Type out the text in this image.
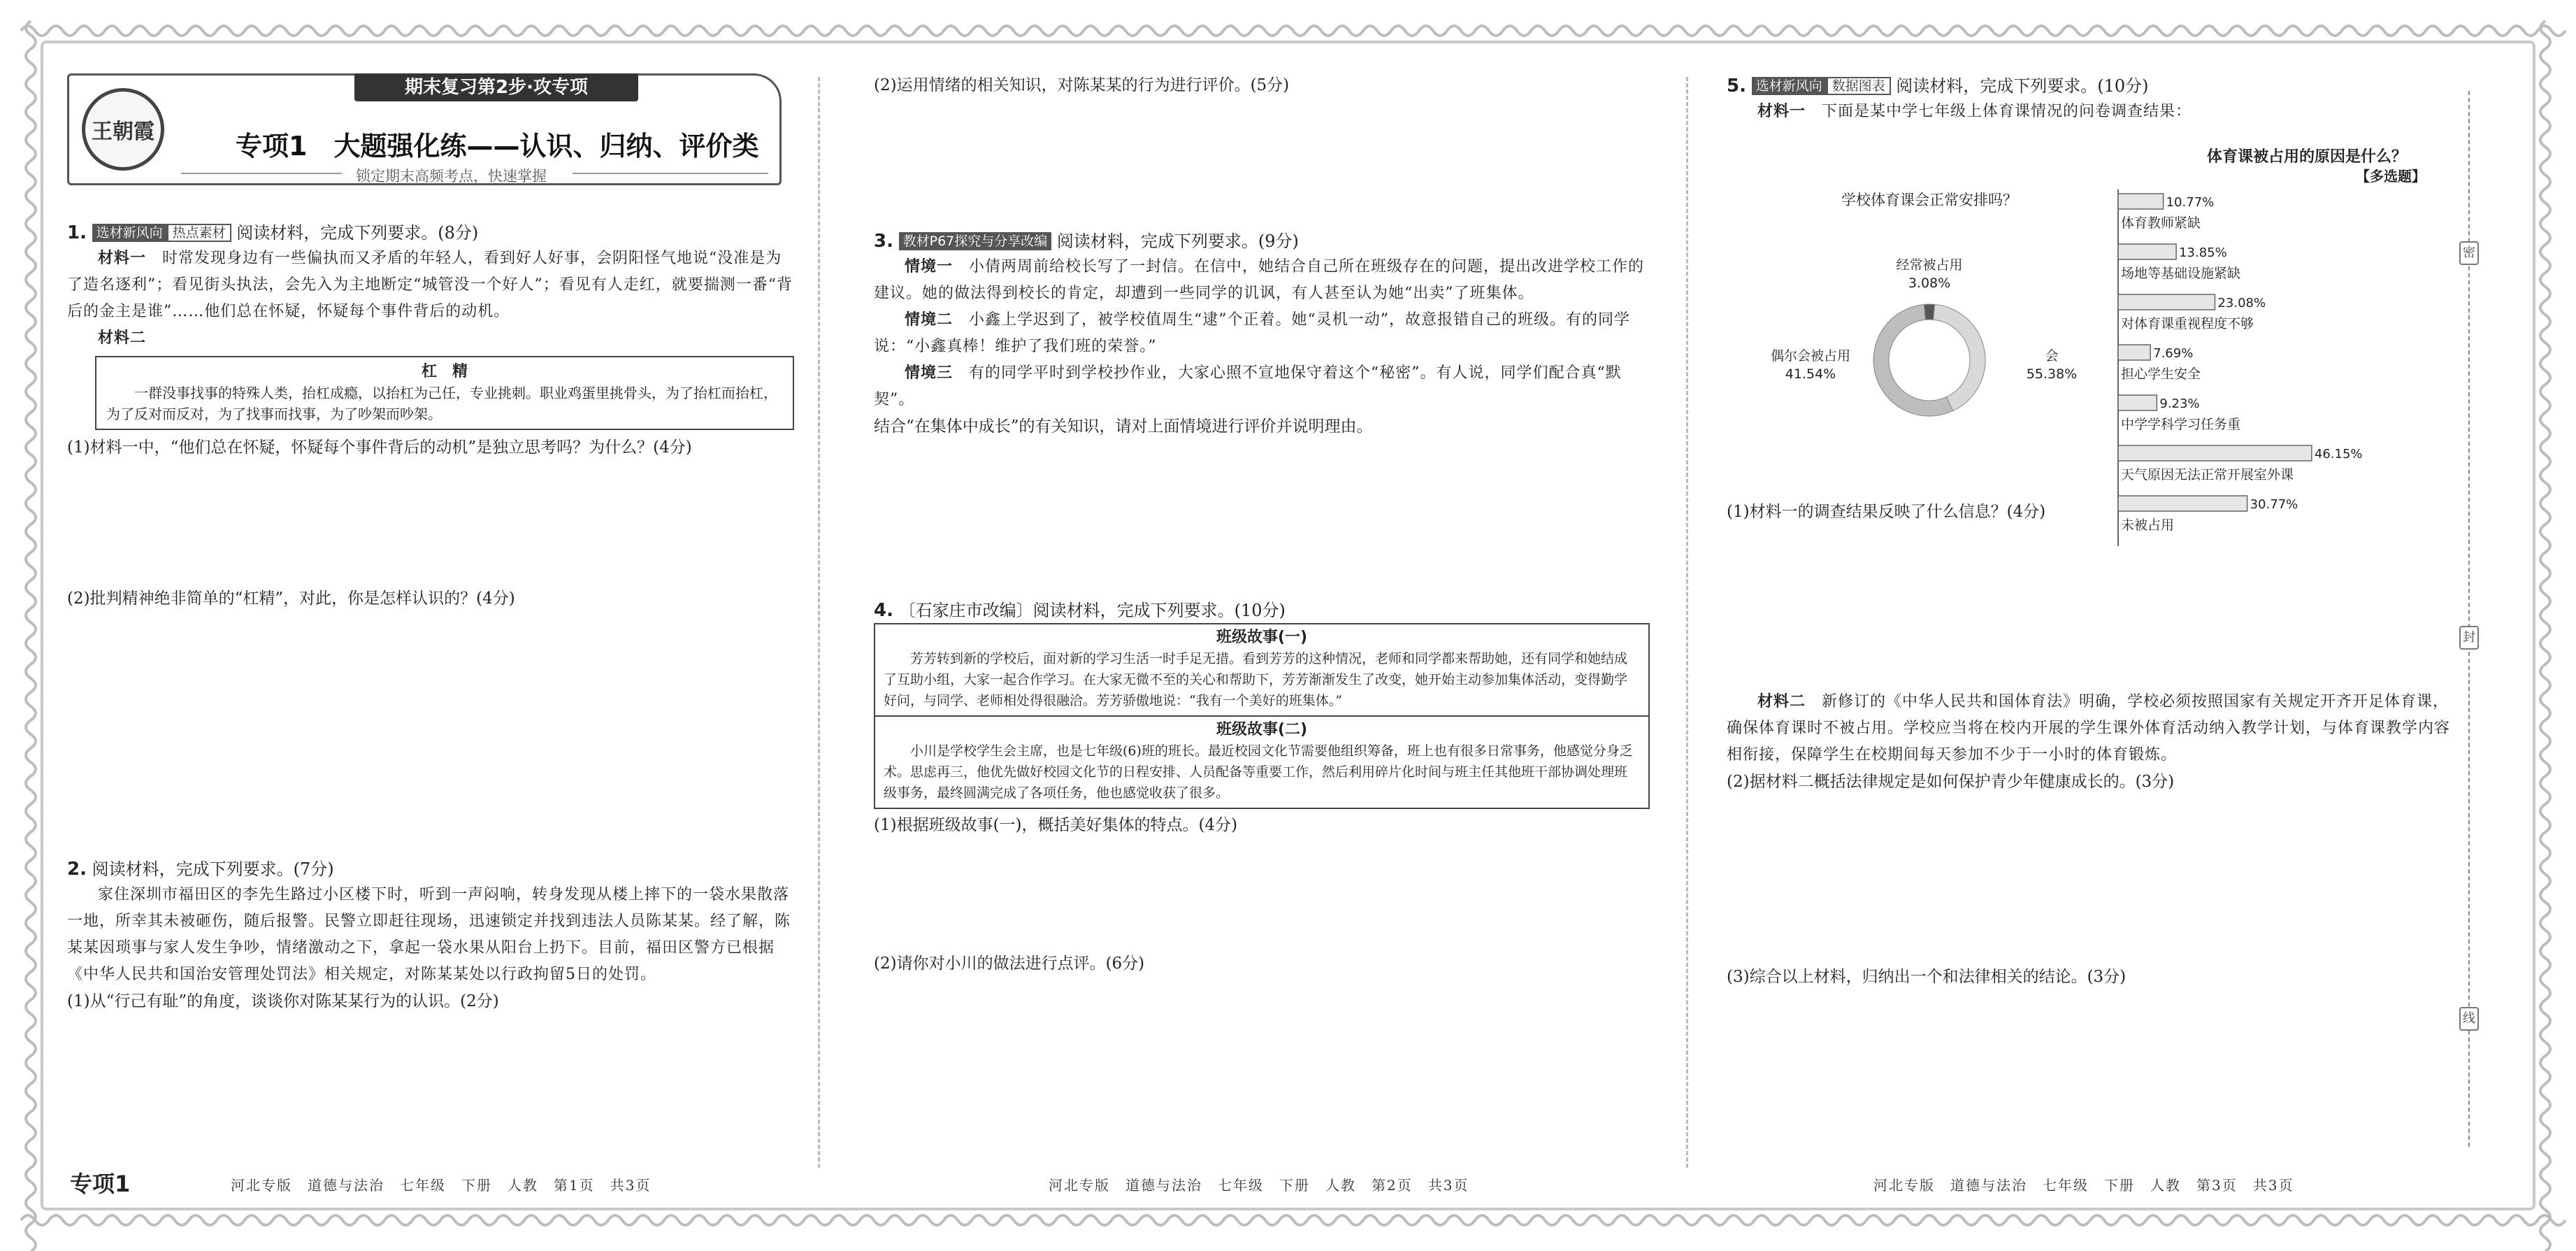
王朝霞
期末复习第2步·攻专项
专项1　大题强化练——认识、归纳、评价类
锁定期末高频考点，快速掌握
1. 选材新风向 热点素材 阅读材料，完成下列要求。(8分)
材料一　 时常发现身边有一些偏执而又矛盾的年轻人，看到好人好事，会阴阳怪气地说“没准是为了造名逐利”；看见街头执法，会先入为主地断定“城管没一个好人”；看见有人走红，就要揣测一番“背后的金主是谁”……他们总在怀疑，怀疑每个事件背后的动机。
材料二
杠　精
一群没事找事的特殊人类，抬杠成瘾，以抬杠为己任，专业挑刺。职业鸡蛋里挑骨头，为了抬杠而抬杠，为了反对而反对，为了找事而找事，为了吵架而吵架。
(1)材料一中，“他们总在怀疑，怀疑每个事件背后的动机”是独立思考吗？为什么？(4分)
(2)批判精神绝非简单的“杠精”，对此，你是怎样认识的？(4分)
2. 阅读材料，完成下列要求。(7分)
家住深圳市福田区的李先生路过小区楼下时，听到一声闷响，转身发现从楼上摔下的一袋水果散落一地，所幸其未被砸伤，随后报警。民警立即赶往现场，迅速锁定并找到违法人员陈某某。经了解，陈某某因琐事与家人发生争吵，情绪激动之下，拿起一袋水果从阳台上扔下。目前，福田区警方已根据《中华人民共和国治安管理处罚法》相关规定，对陈某某处以行政拘留5日的处罚。
(1)从“行己有耻”的角度，谈谈你对陈某某行为的认识。(2分)
(2)运用情绪的相关知识，对陈某某的行为进行评价。(5分)
3. 教材P67探究与分享改编 阅读材料，完成下列要求。(9分)
情境一　 小倩两周前给校长写了一封信。在信中，她结合自己所在班级存在的问题，提出改进学校工作的建议。她的做法得到校长的肯定，却遭到一些同学的讥讽，有人甚至认为她“出卖”了班集体。
情境二　 小鑫上学迟到了，被学校值周生“逮”个正着。她“灵机一动”，故意报错自己的班级。有的同学说：“小鑫真棒！维护了我们班的荣誉。”
情境三　 有的同学平时到学校抄作业，大家心照不宣地保守着这个“秘密”。有人说，同学们配合真“默契”。
结合“在集体中成长”的有关知识，请对上面情境进行评价并说明理由。
4. 〔石家庄市改编〕阅读材料，完成下列要求。(10分)
班级故事(一)
芳芳转到新的学校后，面对新的学习生活一时手足无措。看到芳芳的这种情况，老师和同学都来帮助她，还有同学和她结成了互助小组，大家一起合作学习。在大家无微不至的关心和帮助下，芳芳渐渐发生了改变，她开始主动参加集体活动，变得勤学好问，与同学、老师相处得很融洽。芳芳骄傲地说：“我有一个美好的班集体。”
班级故事(二)
小川是学校学生会主席，也是七年级(6)班的班长。最近校园文化节需要他组织筹备，班上也有很多日常事务，他感觉分身乏术。思虑再三，他优先做好校园文化节的日程安排、人员配备等重要工作，然后利用碎片化时间与班主任其他班干部协调处理班级事务，最终圆满完成了各项任务，他也感觉收获了很多。
(1)根据班级故事(一)，概括美好集体的特点。(4分)
(2)请你对小川的做法进行点评。(6分)
5. 选材新风向 数据图表 阅读材料，完成下列要求。(10分)
材料一　 下面是某中学七年级上体育课情况的问卷调查结果：
学校体育课会正常安排吗？
经常被占用
3.08%
偶尔会被占用
41.54%
会
55.38%
体育课被占用的原因是什么？
【多选题】
10.77%
体育教师紧缺
13.85%
场地等基础设施紧缺
23.08%
对体育课重视程度不够
7.69%
担心学生安全
9.23%
中学学科学习任务重
46.15%
天气原因无法正常开展室外课
30.77%
未被占用
(1)材料一的调查结果反映了什么信息？(4分)
材料二　 新修订的《中华人民共和国体育法》明确，学校必须按照国家有关规定开齐开足体育课，确保体育课时不被占用。学校应当将在校内开展的学生课外体育活动纳入教学计划，与体育课教学内容相衔接，保障学生在校期间每天参加不少于一小时的体育锻炼。
(2)据材料二概括法律规定是如何保护青少年健康成长的。(3分)
(3)综合以上材料，归纳出一个和法律相关的结论。(3分)
密
封
线
专项1	河北专版　道德与法治　七年级　下册　人教　第1页　共3页	河北专版　道德与法治　七年级　下册　人教　第2页　共3页	河北专版　道德与法治　七年级　下册　人教　第3页　共3页
